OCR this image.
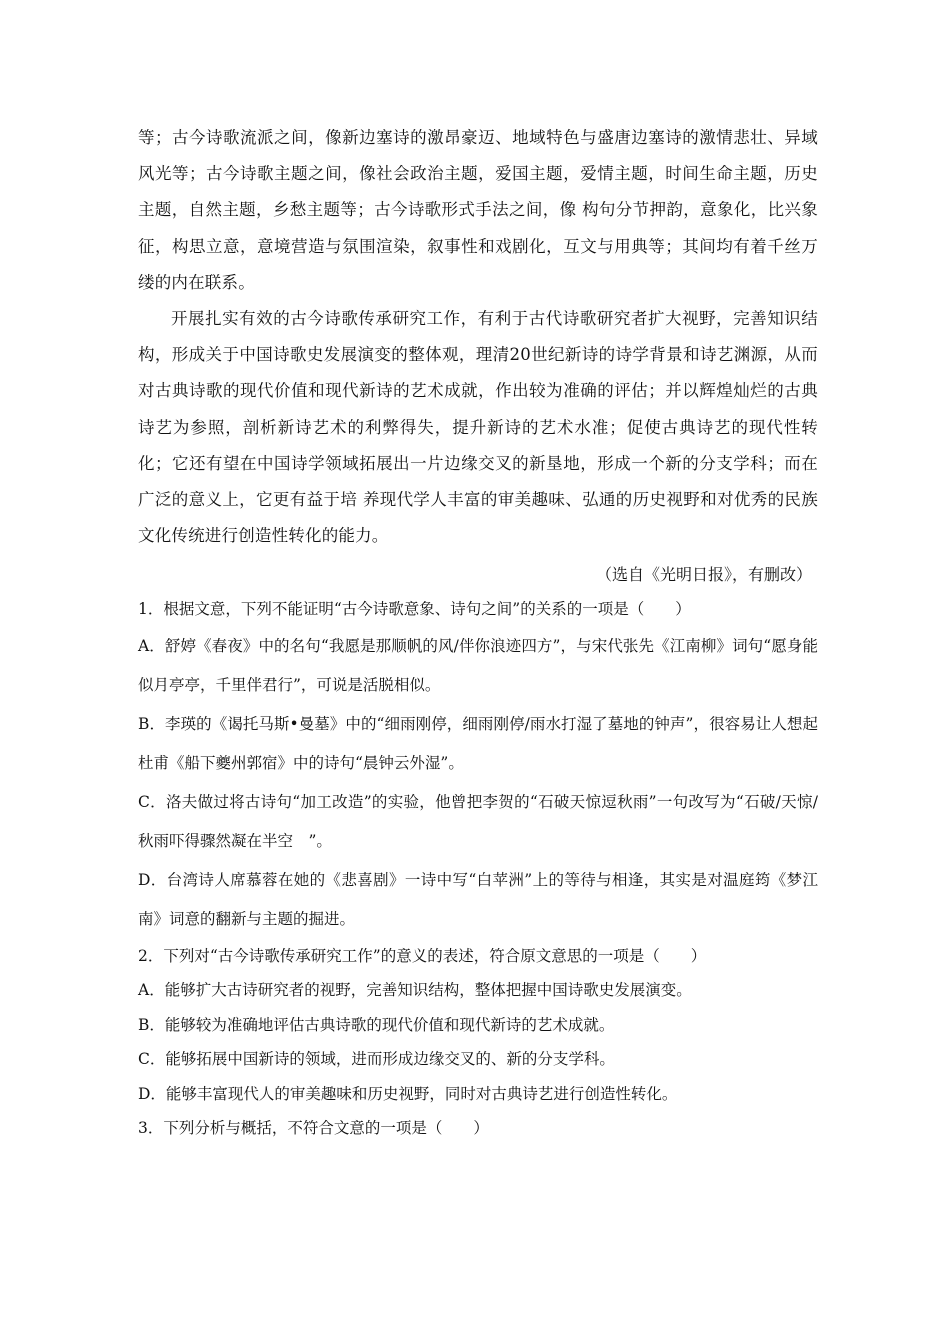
等；古今诗歌流派之间，像新边塞诗的激昂豪迈、地域特色与盛唐边塞诗的激情悲壮、异域风光等；古今诗歌主题之间，像社会政治主题，爱国主题，爱情主题，时间生命主题，历史主题，自然主题，乡愁主题等；古今诗歌形式手法之间，像 构句分节押韵，意象化，比兴象征，构思立意，意境营造与氛围渲染，叙事性和戏剧化，互文与用典等；其间均有着千丝万缕的内在联系。

开展扎实有效的古今诗歌传承研究工作，有利于古代诗歌研究者扩大视野，完善知识结构，形成关于中国诗歌史发展演变的整体观，理清20世纪新诗的诗学背景和诗艺渊源，从而对古典诗歌的现代价值和现代新诗的艺术成就，作出较为准确的评估；并以辉煌灿烂的古典诗艺为参照，剖析新诗艺术的利弊得失，提升新诗的艺术水准；促使古典诗艺的现代性转化；它还有望在中国诗学领域拓展出一片边缘交叉的新垦地，形成一个新的分支学科；而在广泛的意义上，它更有益于培 养现代学人丰富的审美趣味、弘通的历史视野和对优秀的民族文化传统进行创造性转化的能力。

（选自《光明日报》，有删改）

1．根据文意，下列不能证明“古今诗歌意象、诗句之间”的关系的一项是（　　）

A．舒婷《春夜》中的名句“我愿是那顺帆的风/伴你浪迹四方”，与宋代张先《江南柳》词句“愿身能似月亭亭，千里伴君行”，可说是活脱相似。

B．李瑛的《谒托马斯•曼墓》中的“细雨刚停，细雨刚停/雨水打湿了墓地的钟声”，很容易让人想起杜甫《船下夔州郭宿》中的诗句“晨钟云外湿”。

C．洛夫做过将古诗句“加工改造”的实验，他曾把李贺的“石破天惊逗秋雨”一句改写为“石破/天惊/秋雨吓得骤然凝在半空　”。

D．台湾诗人席慕蓉在她的《悲喜剧》一诗中写“白苹洲”上的等待与相逢，其实是对温庭筠《梦江南》词意的翻新与主题的掘进。

2．下列对“古今诗歌传承研究工作”的意义的表述，符合原文意思的一项是（　　）

A．能够扩大古诗研究者的视野，完善知识结构，整体把握中国诗歌史发展演变。

B．能够较为准确地评估古典诗歌的现代价值和现代新诗的艺术成就。

C．能够拓展中国新诗的领域，进而形成边缘交叉的、新的分支学科。

D．能够丰富现代人的审美趣味和历史视野，同时对古典诗艺进行创造性转化。

3．下列分析与概括，不符合文意的一项是（　　）
